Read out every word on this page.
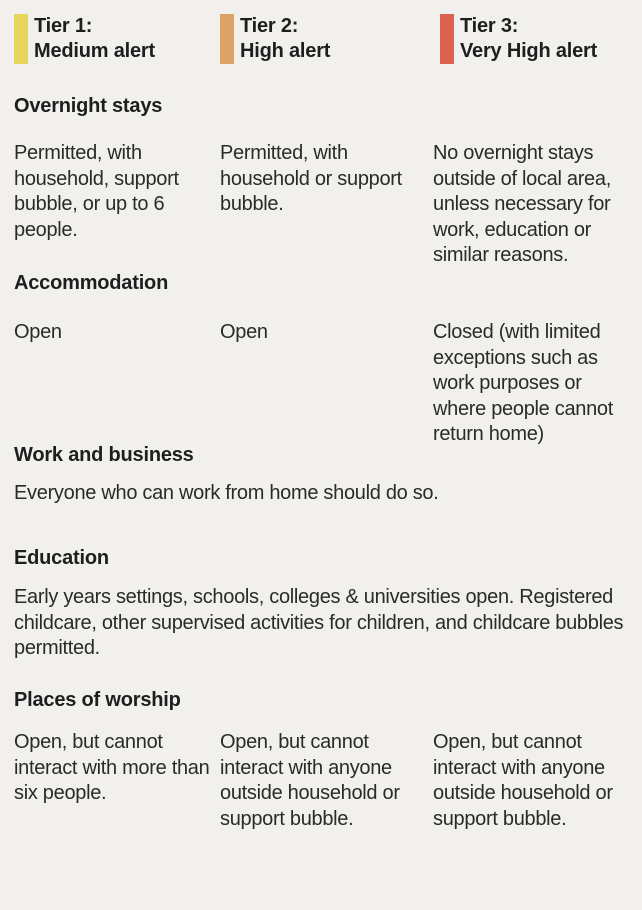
Tier 1:
Medium alert
Tier 2:
High alert
Tier 3:
Very High alert
Overnight stays
Permitted, with household, support bubble, or up to 6 people.
Permitted, with household or support bubble.
No overnight stays outside of local area, unless necessary for work, education or similar reasons.
Accommodation
Open	Open	Closed (with limited exceptions such as work purposes or where people cannot return home)
Work and business
Everyone who can work from home should do so.
Education
Early years settings, schools, colleges & universities open. Registered childcare, other supervised activities for children, and childcare bubbles permitted.
Places of worship
Open, but cannot interact with more than six people.
Open, but cannot interact with anyone outside household or support bubble.
Open, but cannot interact with anyone outside household or support bubble.
